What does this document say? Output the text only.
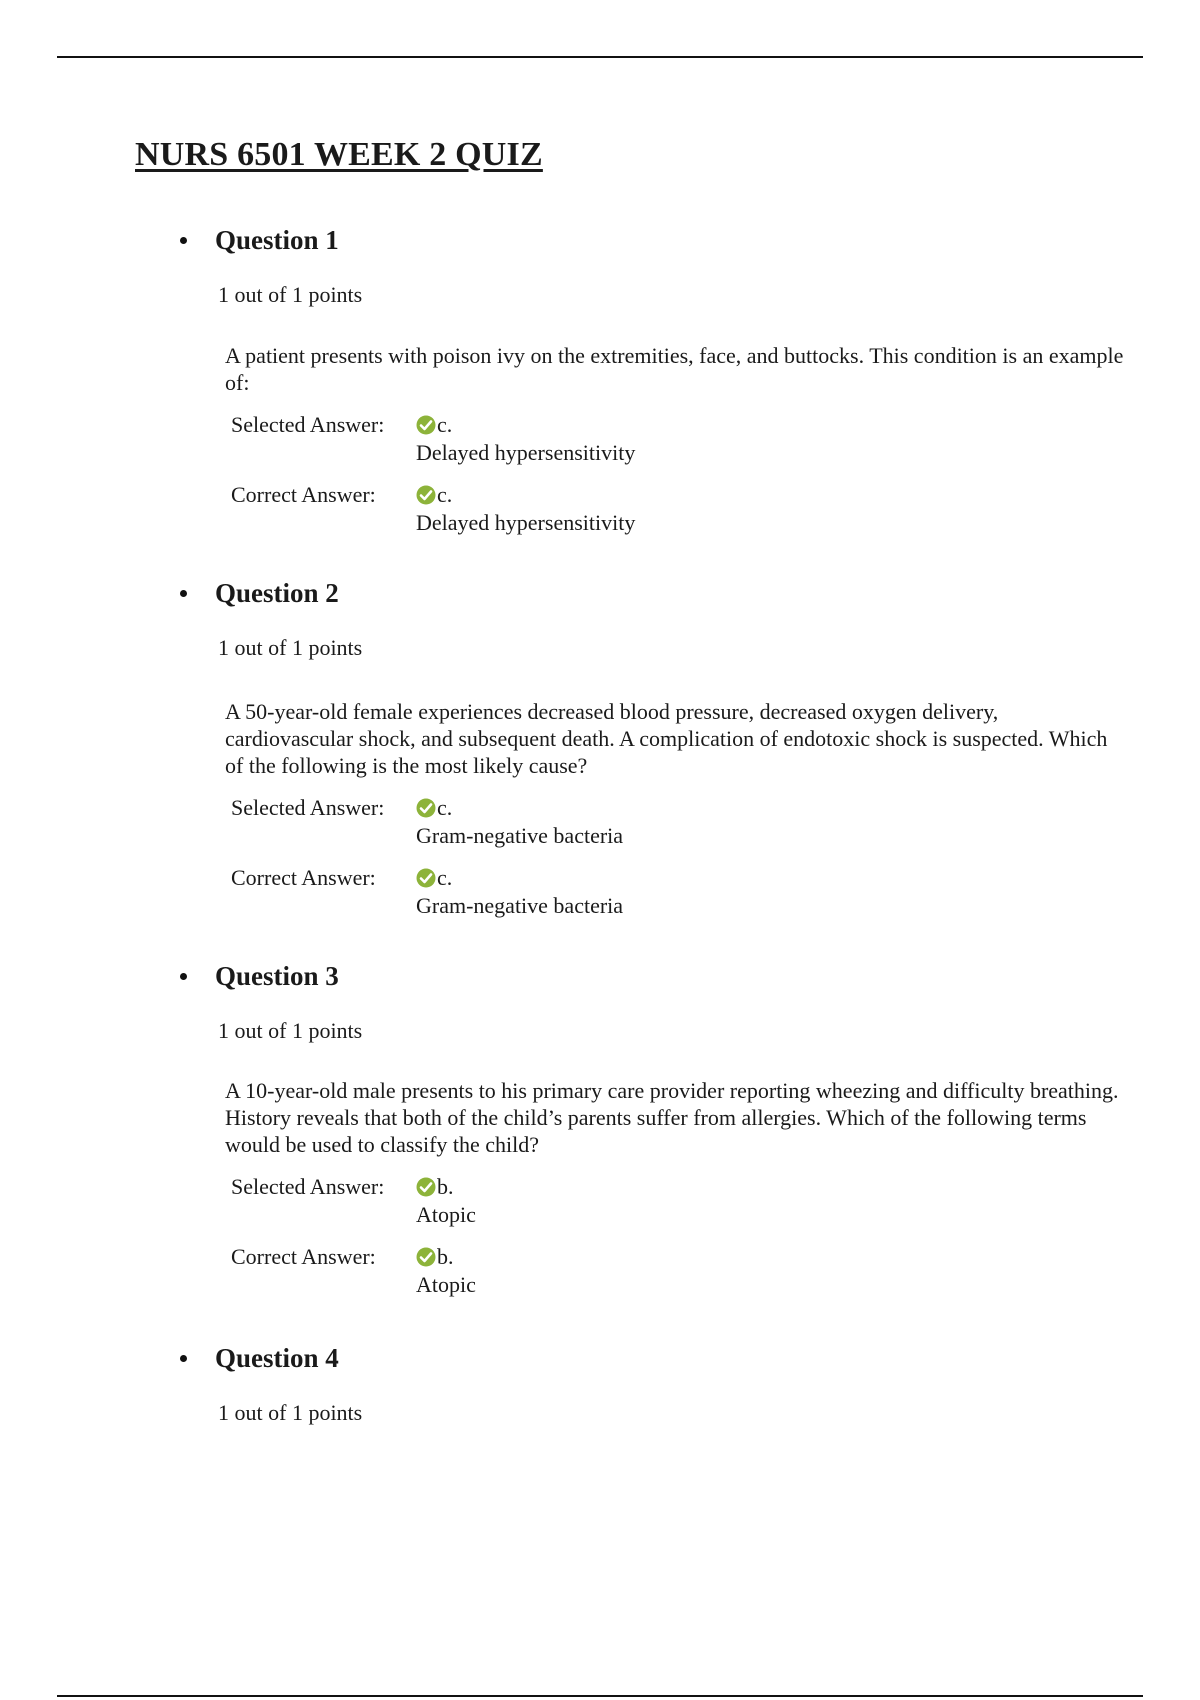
NURS 6501 WEEK 2 QUIZ
Question 1
1 out of 1 points
A patient presents with poison ivy on the extremities, face, and buttocks. This condition is an example of:
Selected Answer:	c.
Delayed hypersensitivity
Correct Answer:	c.
Delayed hypersensitivity
Question 2
1 out of 1 points
A 50-year-old female experiences decreased blood pressure, decreased oxygen delivery, cardiovascular shock, and subsequent death. A complication of endotoxic shock is suspected. Which of the following is the most likely cause?
Selected Answer:	c.
Gram-negative bacteria
Correct Answer:	c.
Gram-negative bacteria
Question 3
1 out of 1 points
A 10-year-old male presents to his primary care provider reporting wheezing and difficulty breathing. History reveals that both of the child’s parents suffer from allergies. Which of the following terms would be used to classify the child?
Selected Answer:	b.
Atopic
Correct Answer:	b.
Atopic
Question 4
1 out of 1 points
